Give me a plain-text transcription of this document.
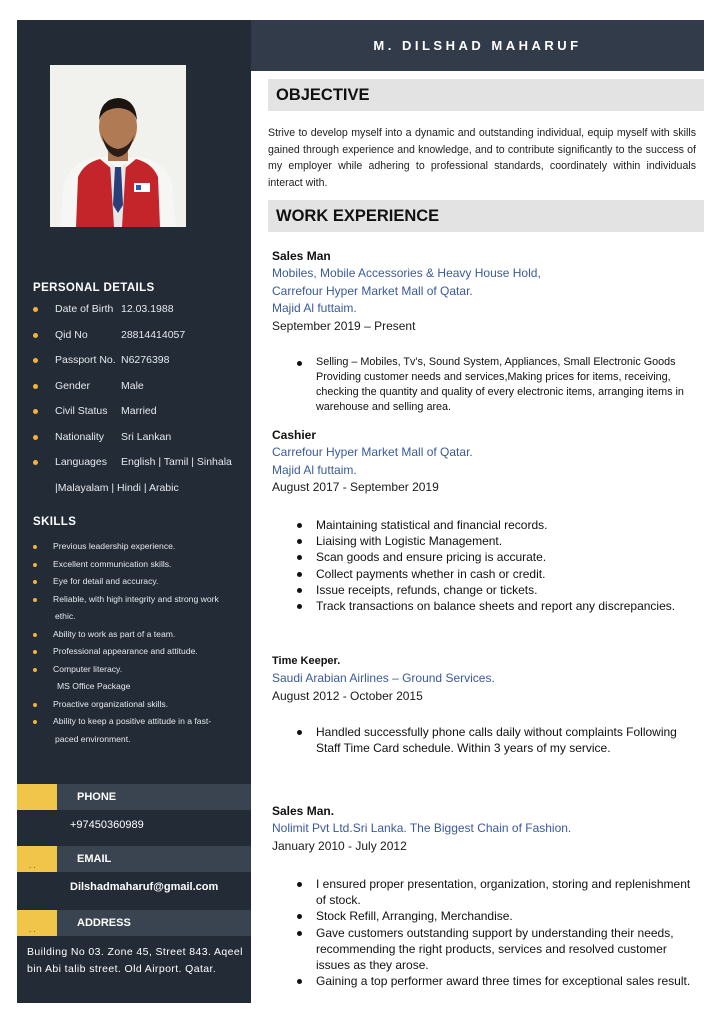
PERSONAL DETAILS
Date of Birth 12.03.1988
Qid No	28814414057
Passport No. N6276398
Gender	Male
Civil Status	Married
Nationality	Sri Lankan
Languages	English | Tamil | Sinhala
|Malayalam | Hindi | Arabic
SKILLS
Previous leadership experience.
Excellent communication skills.
Eye for detail and accuracy.
Reliable, with high integrity and strong work
ethic.
Ability to work as part of a team.
Professional appearance and attitude.
Computer literacy.
MS Office Package
Proactive organizational skills.
Ability to keep a positive attitude in a fast-
paced environment.
PHONE
+97450360989
. .
EMAIL
Dilshadmaharuf@gmail.com
. .
ADDRESS
Building No 03. Zone 45, Street 843. Aqeel
bin Abi talib street. Old Airport. Qatar.
M. DILSHAD MAHARUF
OBJECTIVE
Strive to develop myself into a dynamic and outstanding individual, equip myself with skills gained through experience and knowledge, and to contribute significantly to the success of my employer while adhering to professional standards, coordinately within individuals interact with.
WORK EXPERIENCE
Sales Man
Mobiles, Mobile Accessories & Heavy House Hold,
Carrefour Hyper Market Mall of Qatar.
Majid Al futtaim.
September 2019 – Present
Selling – Mobiles, Tv's, Sound System, Appliances, Small Electronic Goods Providing customer needs and services,Making prices for items, receiving, checking the quantity and quality of every electronic items, arranging items in warehouse and selling area.
Cashier
Carrefour Hyper Market Mall of Qatar.
Majid Al futtaim.
August 2017 - September 2019
Maintaining statistical and financial records.
Liaising with Logistic Management.
Scan goods and ensure pricing is accurate.
Collect payments whether in cash or credit.
Issue receipts, refunds, change or tickets.
Track transactions on balance sheets and report any discrepancies.
Time Keeper.
Saudi Arabian Airlines – Ground Services.
August 2012 - October 2015
Handled successfully phone calls daily without complaints Following Staff Time Card schedule. Within 3 years of my service.
Sales Man.
Nolimit Pvt Ltd.Sri Lanka. The Biggest Chain of Fashion.
January 2010 - July 2012
I ensured proper presentation, organization, storing and replenishment of stock.
Stock Refill, Arranging, Merchandise.
Gave customers outstanding support by understanding their needs, recommending the right products, services and resolved customer issues as they arose.
Gaining a top performer award three times for exceptional sales result.
